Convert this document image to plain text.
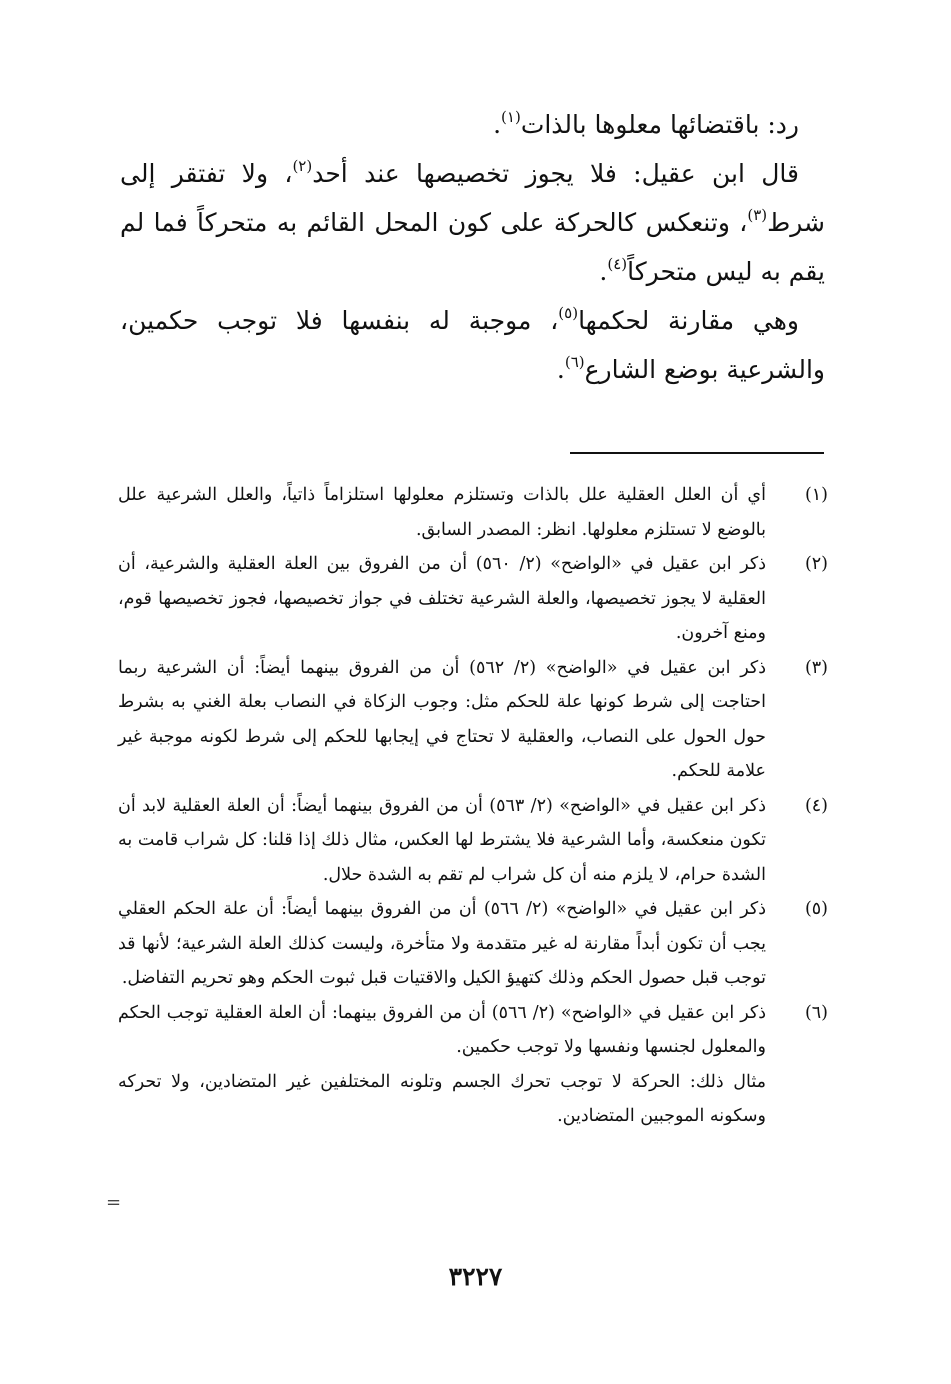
رد: باقتضائها معلوها بالذات$^{(١)}$.

قال ابن عقيل: فلا يجوز تخصيصها عند أحد$^{(٢)}$، ولا تفتقر إلى شرط$^{(٣)}$، وتنعكس كالحركة على كون المحل القائم به متحركاً فما لم يقم به ليس متحركاً$^{(٤)}$.

وهي مقارنة لحكمها$^{(٥)}$، موجبة له بنفسها فلا توجب حكمين، والشرعية بوضع الشارع$^{(٦)}$.

(١)
أي أن العلل العقلية علل بالذات وتستلزم معلولها استلزاماً ذاتياً، والعلل الشرعية علل بالوضع لا تستلزم معلولها. انظر: المصدر السابق.
(٢)
ذكر ابن عقيل في «الواضح» (٢/ ٥٦٠) أن من الفروق بين العلة العقلية والشرعية، أن العقلية لا يجوز تخصيصها، والعلة الشرعية تختلف في جواز تخصيصها، فجوز تخصيصها قوم، ومنع آخرون.
(٣)
ذكر ابن عقيل في «الواضح» (٢/ ٥٦٢) أن من الفروق بينهما أيضاً: أن الشرعية ربما احتاجت إلى شرط كونها علة للحكم مثل: وجوب الزكاة في النصاب بعلة الغني به بشرط حول الحول على النصاب، والعقلية لا تحتاج في إيجابها للحكم إلى شرط لكونه موجبة غير علامة للحكم.
(٤)
ذكر ابن عقيل في «الواضح» (٢/ ٥٦٣) أن من الفروق بينهما أيضاً: أن العلة العقلية لابد أن تكون منعكسة، وأما الشرعية فلا يشترط لها العكس، مثال ذلك إذا قلنا: كل شراب قامت به الشدة حرام، لا يلزم منه أن كل شراب لم تقم به الشدة حلال.
(٥)
ذكر ابن عقيل في «الواضح» (٢/ ٥٦٦) أن من الفروق بينهما أيضاً: أن علة الحكم العقلي يجب أن تكون أبداً مقارنة له غير متقدمة ولا متأخرة، وليست كذلك العلة الشرعية؛ لأنها قد توجب قبل حصول الحكم وذلك كتهيؤ الكيل والاقتيات قبل ثبوت الحكم وهو تحريم التفاضل.
(٦)
ذكر ابن عقيل في «الواضح» (٢/ ٥٦٦) أن من الفروق بينهما: أن العلة العقلية توجب الحكم والمعلول لجنسها ونفسها ولا توجب حكمين.

مثال ذلك: الحركة لا توجب تحرك الجسم وتلونه المختلفين غير المتضادين، ولا تحركه وسكونه الموجبين المتضادين.

=
٣٢٢٧
